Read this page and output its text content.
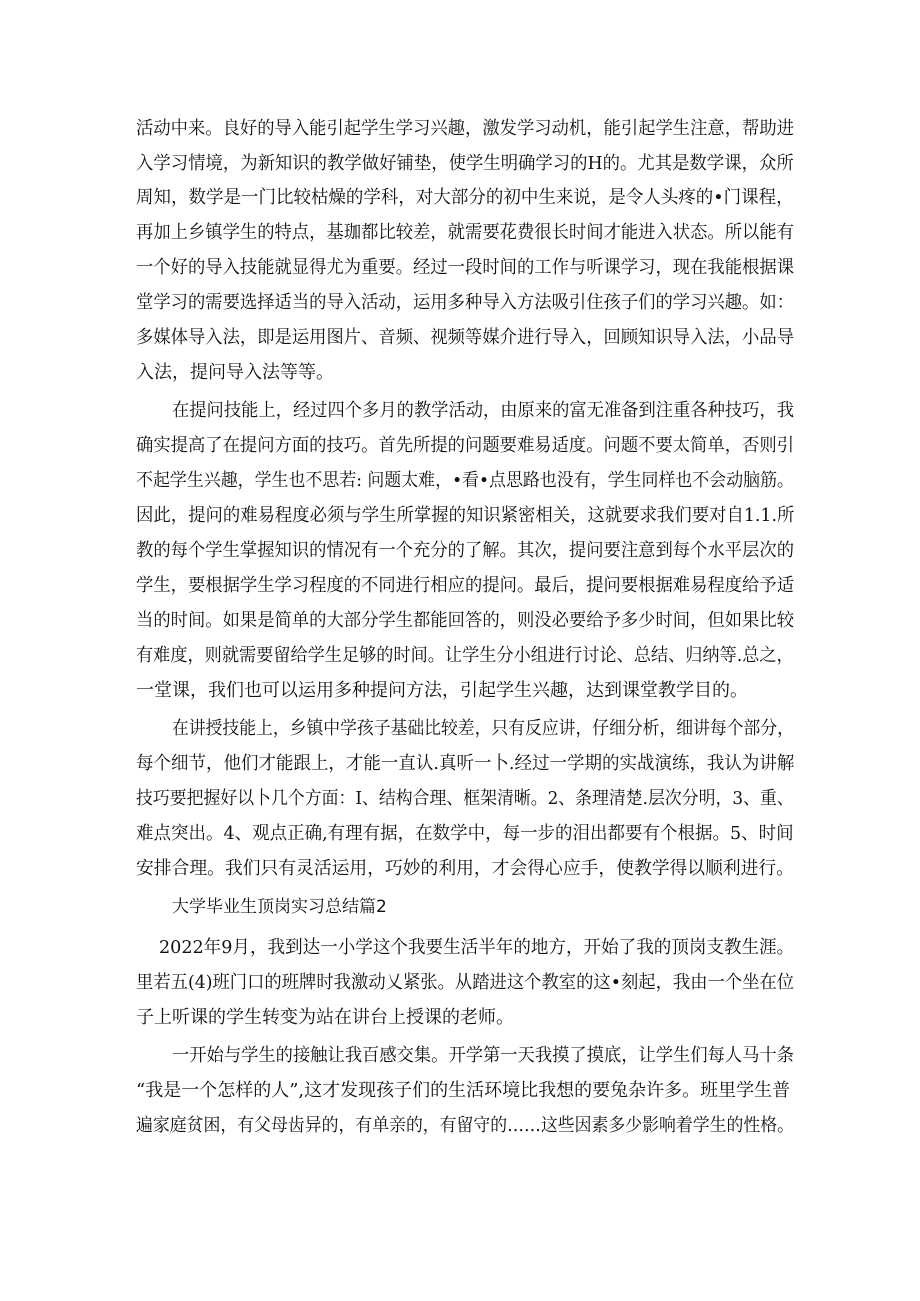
活动中来。良好的导入能引起学生学习兴趣，激发学习动机，能引起学生注意，帮助进
入学习情境，为新知识的教学做好铺垫，使学生明确学习的H的。尤其是数学课，众所
周知，数学是一门比较枯燥的学科，对大部分的初中生来说，是令人头疼的•门课程，
再加上乡镇学生的特点，基珈都比较差，就需要花费很长时间才能进入状态。所以能有
一个好的导入技能就显得尤为重要。经过一段时间的工作与听课学习，现在我能根据课
堂学习的需要选择适当的导入活动，运用多种导入方法吸引住孩子们的学习兴趣。如：
多媒体导入法，即是运用图片、音频、视频等媒介进行导入，回顾知识导入法，小品导
入法，提问导入法等等。
在提问技能上，经过四个多月的教学活动，由原来的富无准备到注重各种技巧，我
确实提高了在提问方面的技巧。首先所提的问题要难易适度。问题不要太简单，否则引
不起学生兴趣，学生也不思若: 问题太难，•看•点思路也没有，学生同样也不会动脑筋。
因此，提问的难易程度必须与学生所掌握的知识紧密相关，这就要求我们要对自1.1.所
教的每个学生掌握知识的情况有一个充分的了解。其次，提问要注意到每个水平层次的
学生，要根据学生学习程度的不同进行相应的提问。最后，提问要根据难易程度给予适
当的时间。如果是简单的大部分学生都能回答的，则没必要给予多少时间，但如果比较
有难度，则就需要留给学生足够的时间。让学生分小组进行讨论、总结、归纳等.总之，
一堂课，我们也可以运用多种提问方法，引起学生兴趣，达到课堂教学目的。
在讲授技能上，乡镇中学孩子基础比较差，只有反应讲，仔细分析，细讲每个部分，
每个细节，他们才能跟上，才能一直认.真听一卜.经过一学期的实战演练，我认为讲解
技巧要把握好以卜几个方面：I、结构合理、框架清晰。2、条理清楚.层次分明，3、重、
难点突出。4、观点正确,有理有据，在数学中，每一步的泪出都要有个根据。5、时间
安排合理。我们只有灵活运用，巧妙的利用，才会得心应手，使教学得以顺利进行。
大学毕业生顶岗实习总结篇2
2022年9月，我到达一小学这个我要生活半年的地方，开始了我的顶岗支教生涯。
里若五(4)班门口的班牌时我激动乂紧张。从踏进这个教室的这•刻起，我由一个坐在位
子上听课的学生转变为站在讲台上授课的老师。
一开始与学生的接触让我百感交集。开学第一天我摸了摸底，让学生们每人马十条
“我是一个怎样的人”,这才发现孩子们的生活环境比我想的要兔杂许多。班里学生普
遍家庭贫困，有父母齿异的，有单亲的，有留守的……这些因素多少影响着学生的性格。
